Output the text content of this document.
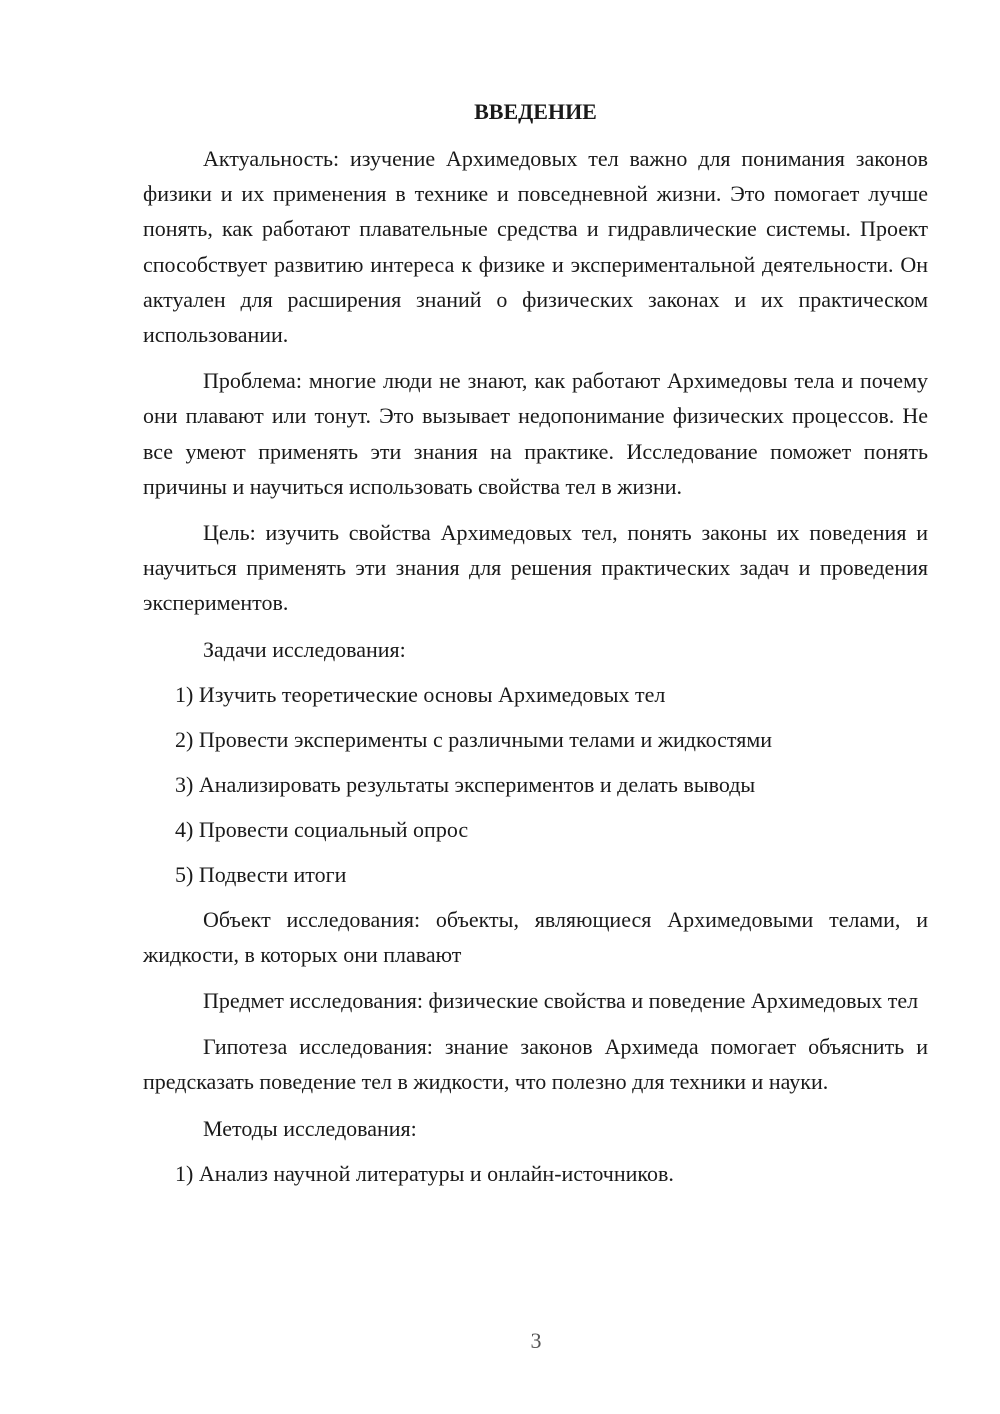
ВВЕДЕНИЕ

Актуальность: изучение Архимедовых тел важно для понимания законов физики и их применения в технике и повседневной жизни. Это помогает лучше понять, как работают плавательные средства и гидравлические системы. Проект способствует развитию интереса к физике и экспериментальной деятельности. Он актуален для расширения знаний о физических законах и их практическом использовании.

Проблема: многие люди не знают, как работают Архимедовы тела и почему они плавают или тонут. Это вызывает недопонимание физических процессов. Не все умеют применять эти знания на практике. Исследование поможет понять причины и научиться использовать свойства тел в жизни.

Цель: изучить свойства Архимедовых тел, понять законы их поведения и научиться применять эти знания для решения практических задач и проведения экспериментов.

Задачи исследования:
1) Изучить теоретические основы Архимедовых тел
2) Провести эксперименты с различными телами и жидкостями
3) Анализировать результаты экспериментов и делать выводы
4) Провести социальный опрос
5) Подвести итоги

Объект исследования: объекты, являющиеся Архимедовыми телами, и жидкости, в которых они плавают

Предмет исследования: физические свойства и поведение Архимедовых тел

Гипотеза исследования: знание законов Архимеда помогает объяснить и предсказать поведение тел в жидкости, что полезно для техники и науки.

Методы исследования:
1) Анализ научной литературы и онлайн-источников.
3
